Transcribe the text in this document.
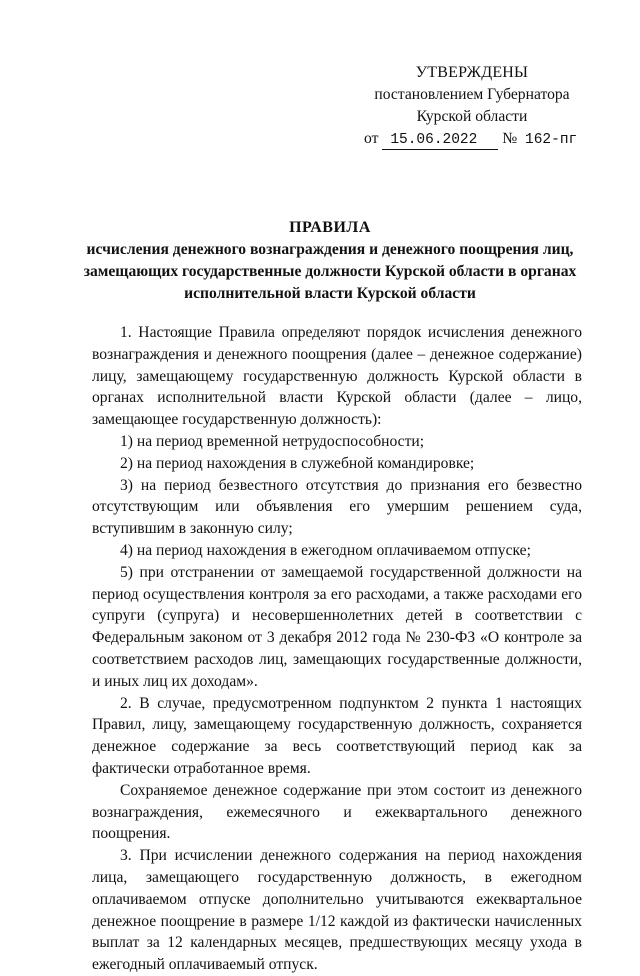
УТВЕРЖДЕНЫ
постановлением Губернатора
Курской области
от 15.06.2022 № 162-пг
ПРАВИЛА
исчисления денежного вознаграждения и денежного поощрения лиц, замещающих государственные должности Курской области в органах исполнительной власти Курской области

1. Настоящие Правила определяют порядок исчисления денежного вознаграждения и денежного поощрения (далее – денежное содержание) лицу, замещающему государственную должность Курской области в органах исполнительной власти Курской области (далее – лицо, замещающее государственную должность):

1) на период временной нетрудоспособности;

2) на период нахождения в служебной командировке;

3) на период безвестного отсутствия до признания его безвестно отсутствующим или объявления его умершим решением суда, вступившим в законную силу;

4) на период нахождения в ежегодном оплачиваемом отпуске;

5) при отстранении от замещаемой государственной должности на период осуществления контроля за его расходами, а также расходами его супруги (супруга) и несовершеннолетних детей в соответствии с Федеральным законом от 3 декабря 2012 года № 230-ФЗ «О контроле за соответствием расходов лиц, замещающих государственные должности, и иных лиц их доходам».

2. В случае, предусмотренном подпунктом 2 пункта 1 настоящих Правил, лицу, замещающему государственную должность, сохраняется денежное содержание за весь соответствующий период как за фактически отработанное время.

Сохраняемое денежное содержание при этом состоит из денежного вознаграждения, ежемесячного и ежеквартального денежного поощрения.

3. При исчислении денежного содержания на период нахождения лица, замещающего государственную должность, в ежегодном оплачиваемом отпуске дополнительно учитываются ежеквартальное денежное поощрение в размере 1/12 каждой из фактически начисленных выплат за 12 календарных месяцев, предшествующих месяцу ухода в ежегодный оплачиваемый отпуск.
